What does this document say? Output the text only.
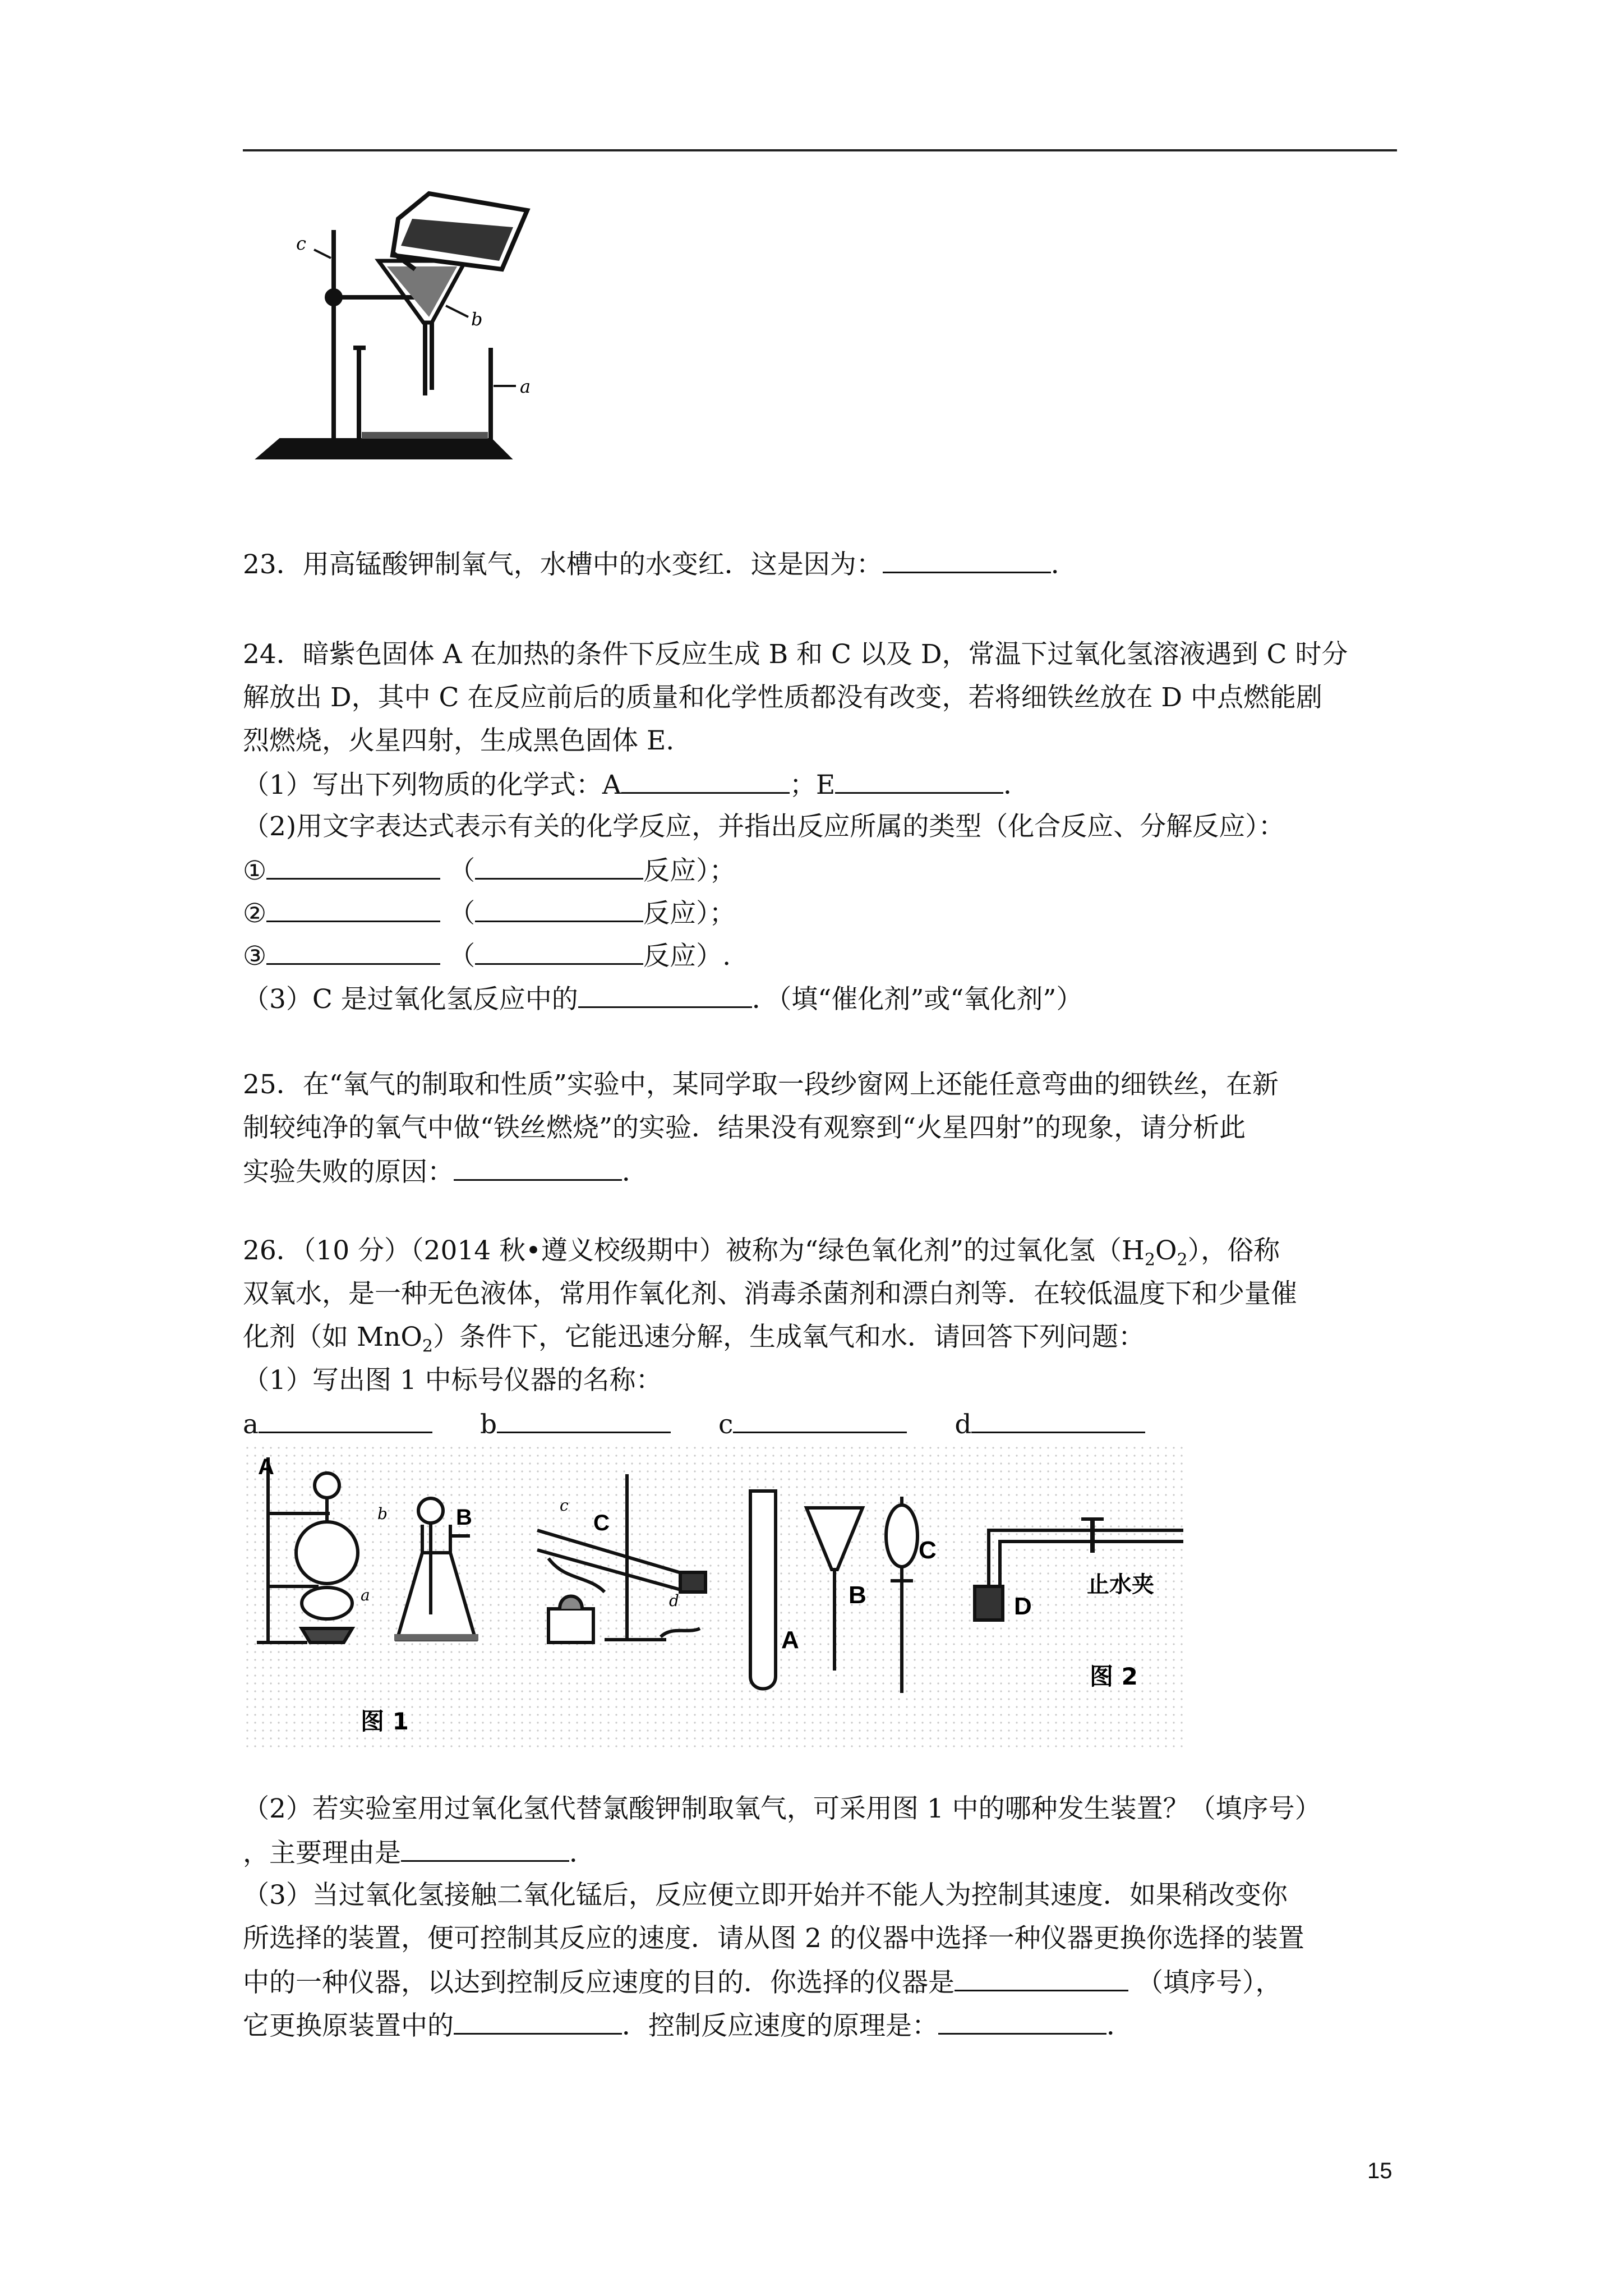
c
b
a
23．用高锰酸钾制氧气，水槽中的水变红．这是因为：	．
24．暗紫色固体 A 在加热的条件下反应生成 B 和 C 以及 D，常温下过氧化氢溶液遇到 C 时分
解放出 D，其中 C 在反应前后的质量和化学性质都没有改变，若将细铁丝放在 D 中点燃能剧
烈燃烧，火星四射，生成黑色固体 E.
（1）写出下列物质的化学式：A	；E	．
（2)用文字表达式表示有关的化学反应，并指出反应所属的类型（化合反应、分解反应）：
①	（	反应）；
②	（	反应）；
③	（	反应）.
（3）C 是过氧化氢反应中的	．（填“催化剂”或“氧化剂”）
25．在“氧气的制取和性质”实验中，某同学取一段纱窗网上还能任意弯曲的细铁丝，在新
制较纯净的氧气中做“铁丝燃烧”的实验．结果没有观察到“火星四射”的现象，请分析此
实验失败的原因：	．
26．（10 分）（2014 秋•遵义校级期中）被称为“绿色氧化剂”的过氧化氢$(H_2O_2)$，俗称
双氧水，是一种无色液体，常用作氧化剂、消毒杀菌剂和漂白剂等．在较低温度下和少量催
化剂（如 MnO$_2$）条件下，它能迅速分解，生成氧气和水．请回答下列问题：
（1）写出图 1 中标号仪器的名称：
a	b	c	d
A
B	C
a
b	c
d
A
B
C
D
止水夹
图 2
图 1
（2）若实验室用过氧化氢代替氯酸钾制取氧气，可采用图 1 中的哪种发生装置？（填序号）
，主要理由是	．
（3）当过氧化氢接触二氧化锰后，反应便立即开始并不能人为控制其速度．如果稍改变你
所选择的装置，便可控制其反应的速度．请从图 2 的仪器中选择一种仪器更换你选择的装置
中的一种仪器，以达到控制反应速度的目的．你选择的仪器是	（填序号），
它更换原装置中的	．控制反应速度的原理是：	．
15
